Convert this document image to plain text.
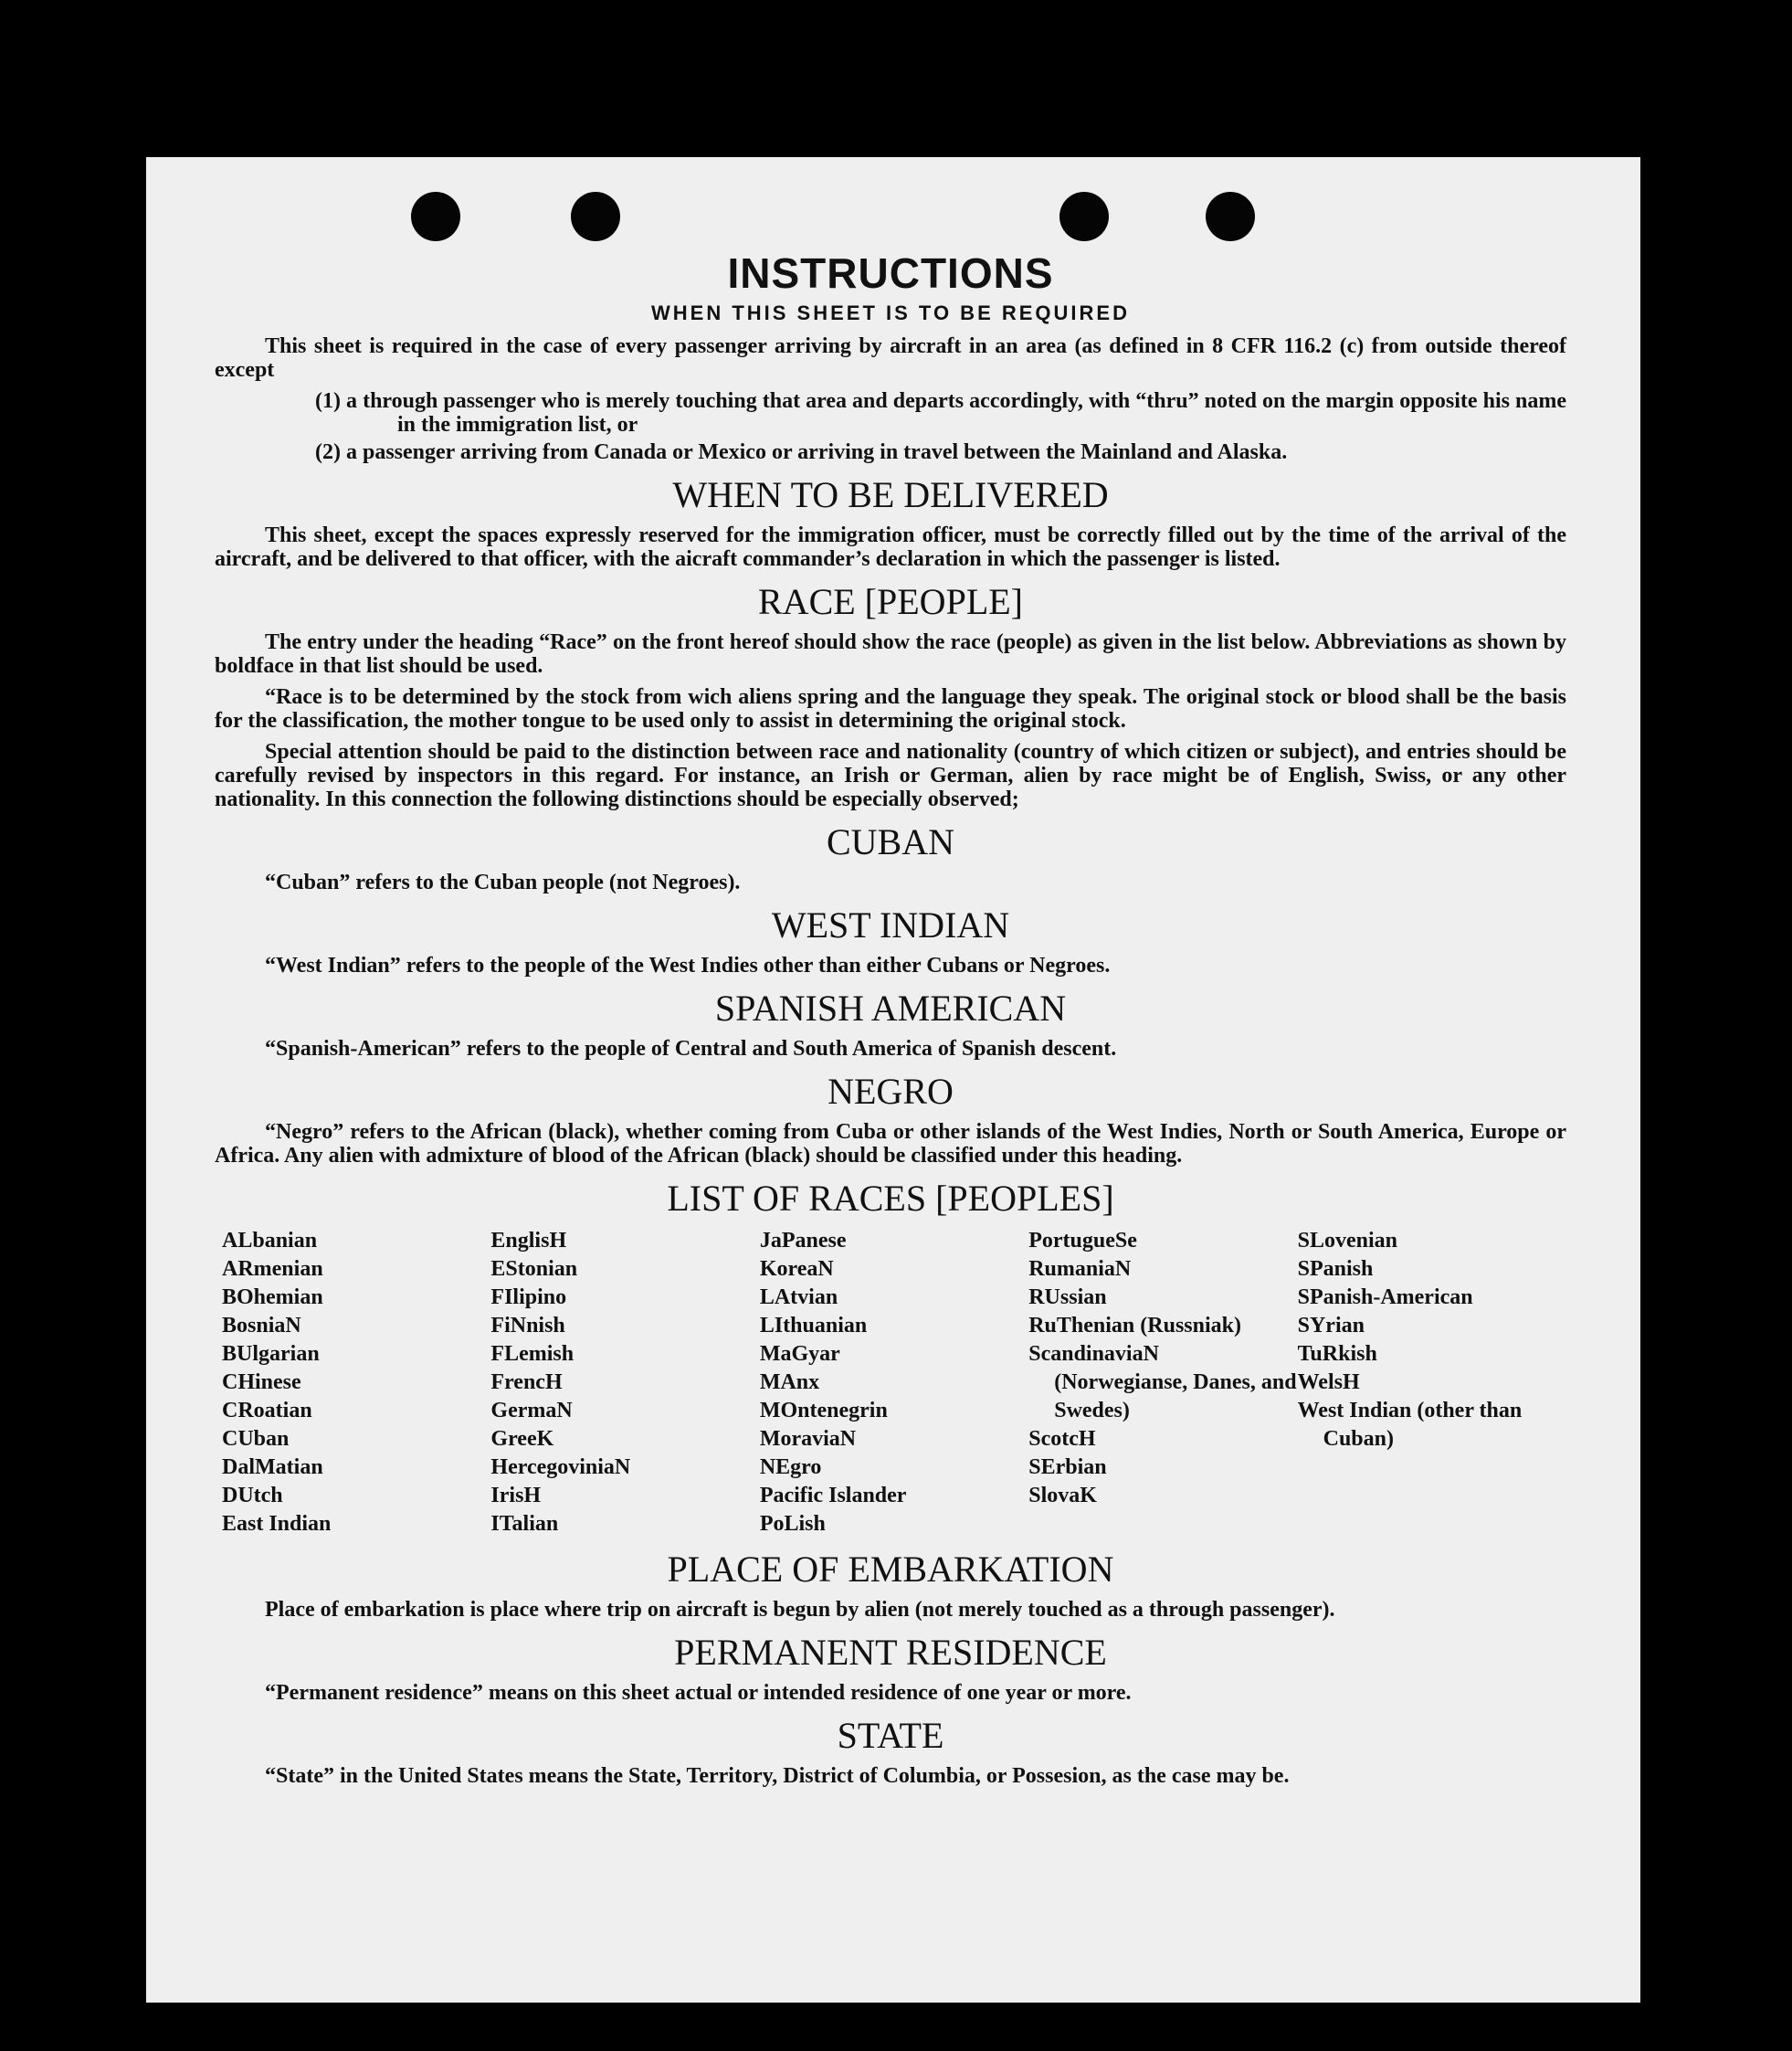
INSTRUCTIONS
WHEN THIS SHEET IS TO BE REQUIRED

This sheet is required in the case of every passenger arriving by aircraft in an area (as defined in 8 CFR 116.2 (c) from outside thereof except

(1) a through passenger who is merely touching that area and departs accordingly, with “thru” noted on the margin opposite his name in the immigration list, or
(2) a passenger arriving from Canada or Mexico or arriving in travel between the Mainland and Alaska.
WHEN TO BE DELIVERED

This sheet, except the spaces expressly reserved for the immigration officer, must be correctly filled out by the time of the arrival of the aircraft, and be delivered to that officer, with the aicraft commander’s declaration in which the passenger is listed.

RACE [PEOPLE]

The entry under the heading “Race” on the front hereof should show the race (people) as given in the list below. Abbreviations as shown by boldface in that list should be used.

“Race is to be determined by the stock from wich aliens spring and the language they speak. The original stock or blood shall be the basis for the classification, the mother tongue to be used only to assist in determining the original stock.

Special attention should be paid to the distinction between race and nationality (country of which citizen or subject), and entries should be carefully revised by inspectors in this regard. For instance, an Irish or German, alien by race might be of English, Swiss, or any other nationality. In this connection the following distinctions should be especially observed;

CUBAN

“Cuban” refers to the Cuban people (not Negroes).

WEST INDIAN

“West Indian” refers to the people of the West Indies other than either Cubans or Negroes.

SPANISH AMERICAN

“Spanish-American” refers to the people of Central and South America of Spanish descent.

NEGRO

“Negro” refers to the African (black), whether coming from Cuba or other islands of the West Indies, North or South America, Europe or Africa. Any alien with admixture of blood of the African (black) should be classified under this heading.

LIST OF RACES [PEOPLES]
ALbanian
ARmenian
BOhemian
BosniaN
BUlgarian
CHinese
CRoatian
CUban
DalMatian
DUtch
East Indian
EnglisH
EStonian
FIlipino
FiNnish
FLemish
FrencH
GermaN
GreeK
HercegoviniaN
IrisH
ITalian
JaPanese
KoreaN
LAtvian
LIthuanian
MaGyar
MAnx
MOntenegrin
MoraviaN
NEgro
Pacific Islander
PoLish
PortugueSe
RumaniaN
RUssian
RuThenian (Russniak)
ScandinaviaN (Norwegianse, Danes, and Swedes)
ScotcH
SErbian
SlovaK
SLovenian
SPanish
SPanish-American
SYrian
TuRkish
WelsH
West Indian (other than Cuban)
PLACE OF EMBARKATION

Place of embarkation is place where trip on aircraft is begun by alien (not merely touched as a through passenger).

PERMANENT RESIDENCE

“Permanent residence” means on this sheet actual or intended residence of one year or more.

STATE

“State” in the United States means the State, Territory, District of Columbia, or Possesion, as the case may be.
